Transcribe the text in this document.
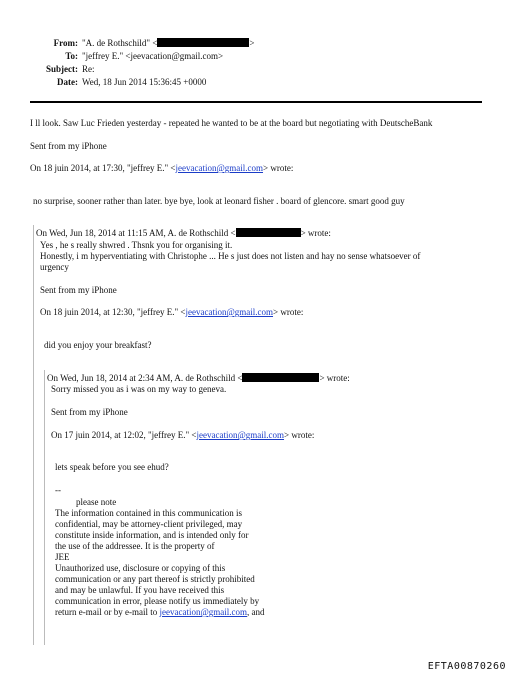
From: "A. de Rothschild" <	>
To: "jeffrey E." <jeevacation@gmail.com>
Subject: Re:
Date: Wed, 18 Jun 2014 15:36:45 +0000
I ll look. Saw Luc Frieden yesterday - repeated he wanted to be at the board but negotiating with DeutscheBank
Sent from my iPhone
On 18 juin 2014, at 17:30, "jeffrey E." <jeevacation@gmail.com> wrote:
no surprise, sooner rather than later. bye bye, look at leonard fisher . board of glencore. smart good guy
On Wed, Jun 18, 2014 at 11:15 AM, A. de Rothschild <	> wrote:
Yes , he s really shwred . Thsnk you for organising it.
Honestly, i m hyperventiating with Christophe ... He s just does not listen and hay no sense whatsoever of
urgency
Sent from my iPhone
On 18 juin 2014, at 12:30, "jeffrey E." <jeevacation@gmail.com> wrote:
did you enjoy your breakfast?
On Wed, Jun 18, 2014 at 2:34 AM, A. de Rothschild <	> wrote:
Sorry missed you as i was on my way to geneva.
Sent from my iPhone
On 17 juin 2014, at 12:02, "jeffrey E." <jeevacation@gmail.com> wrote:
lets speak before you see ehud?
--
please note
The information contained in this communication is
confidential, may be attorney-client privileged, may
constitute inside information, and is intended only for
the use of the addressee. It is the property of
JEE
Unauthorized use, disclosure or copying of this
communication or any part thereof is strictly prohibited
and may be unlawful. If you have received this
communication in error, please notify us immediately by
return e-mail or by e-mail to jeevacation@gmail.com, and
EFTA00870260
